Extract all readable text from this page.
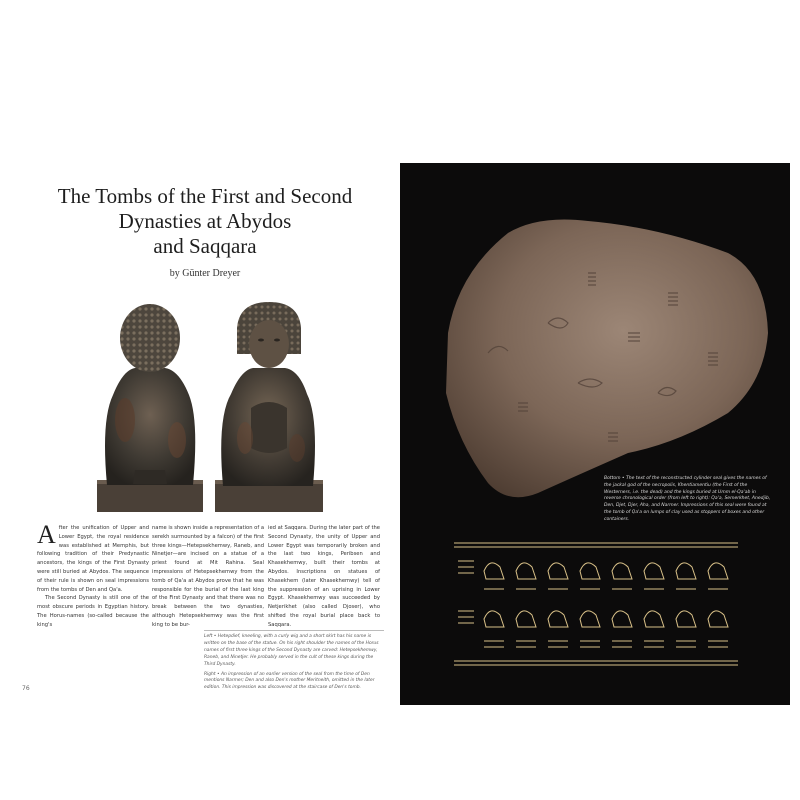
The Tombs of the First and Second
Dynasties at Abydos
and Saqqara
by Günter Dreyer

A fter the unification of Upper and Lower Egypt, the royal residence was established at Memphis, but following tradition of their Predynastic ancestors, the kings of the First Dynasty were still buried at Abydos. The sequence of their rule is shown on seal impressions from the tombs of Den and Qa'a.

The Second Dynasty is still one of the most obscure periods in Egyptian history. The Horus-names (so-called because the king's

name is shown inside a representation of a serekh surmounted by a falcon) of the first three kings—Hetepsekhemwy, Raneb, and Ninetjer—are incised on a statue of a priest found at Mit Rahina. Seal impressions of Hetepsekhemwy from the tomb of Qa'a at Abydos prove that he was responsible for the burial of the last king of the First Dynasty and that there was no break between the two dynasties, although Hetepsekhemwy was the first king to be bur-

ied at Saqqara. During the later part of the Second Dynasty, the unity of Upper and Lower Egypt was temporarily broken and the last two kings, Peribsen and Khasekhemwy, built their tombs at Abydos. Inscriptions on statues of Khasekhem (later Khasekhemwy) tell of the suppression of an uprising in Lower Egypt. Khasekhemwy was succeeded by Netjerikhet (also called Djoser), who shifted the royal burial place back to Saqqara.

Left • Hetepdief, kneeling, with a curly wig and a short skirt has his name is written on the base of the statue. On his right shoulder the names of the Horus names of first three kings of the Second Dynasty are carved: Hetepsekhemwy, Raneb, and Ninetjer. He probably served in the cult of these kings during the Third Dynasty.

Right • An impression of an earlier version of the seal from the time of Den mentions Narmer; Den and also Den's mother Meritneith, omitted in the later edition. This impression was discovered at the staircase of Den's tomb.

76
Bottom • The text of the reconstructed cylinder seal gives the names of the jackal god of the necropolis, Khentiamentiu (the First of the Westerners, i.e. the dead) and the kings buried at Umm el-Qa'ab in reverse chronological order (from left to right): Qa'a, Semerkhet, Anedjib, Den, Djet, Djer, Aha, and Narmer. Impressions of this seal were found at the tomb of Qa'a on lumps of clay used as stoppers of boxes and other containers.
